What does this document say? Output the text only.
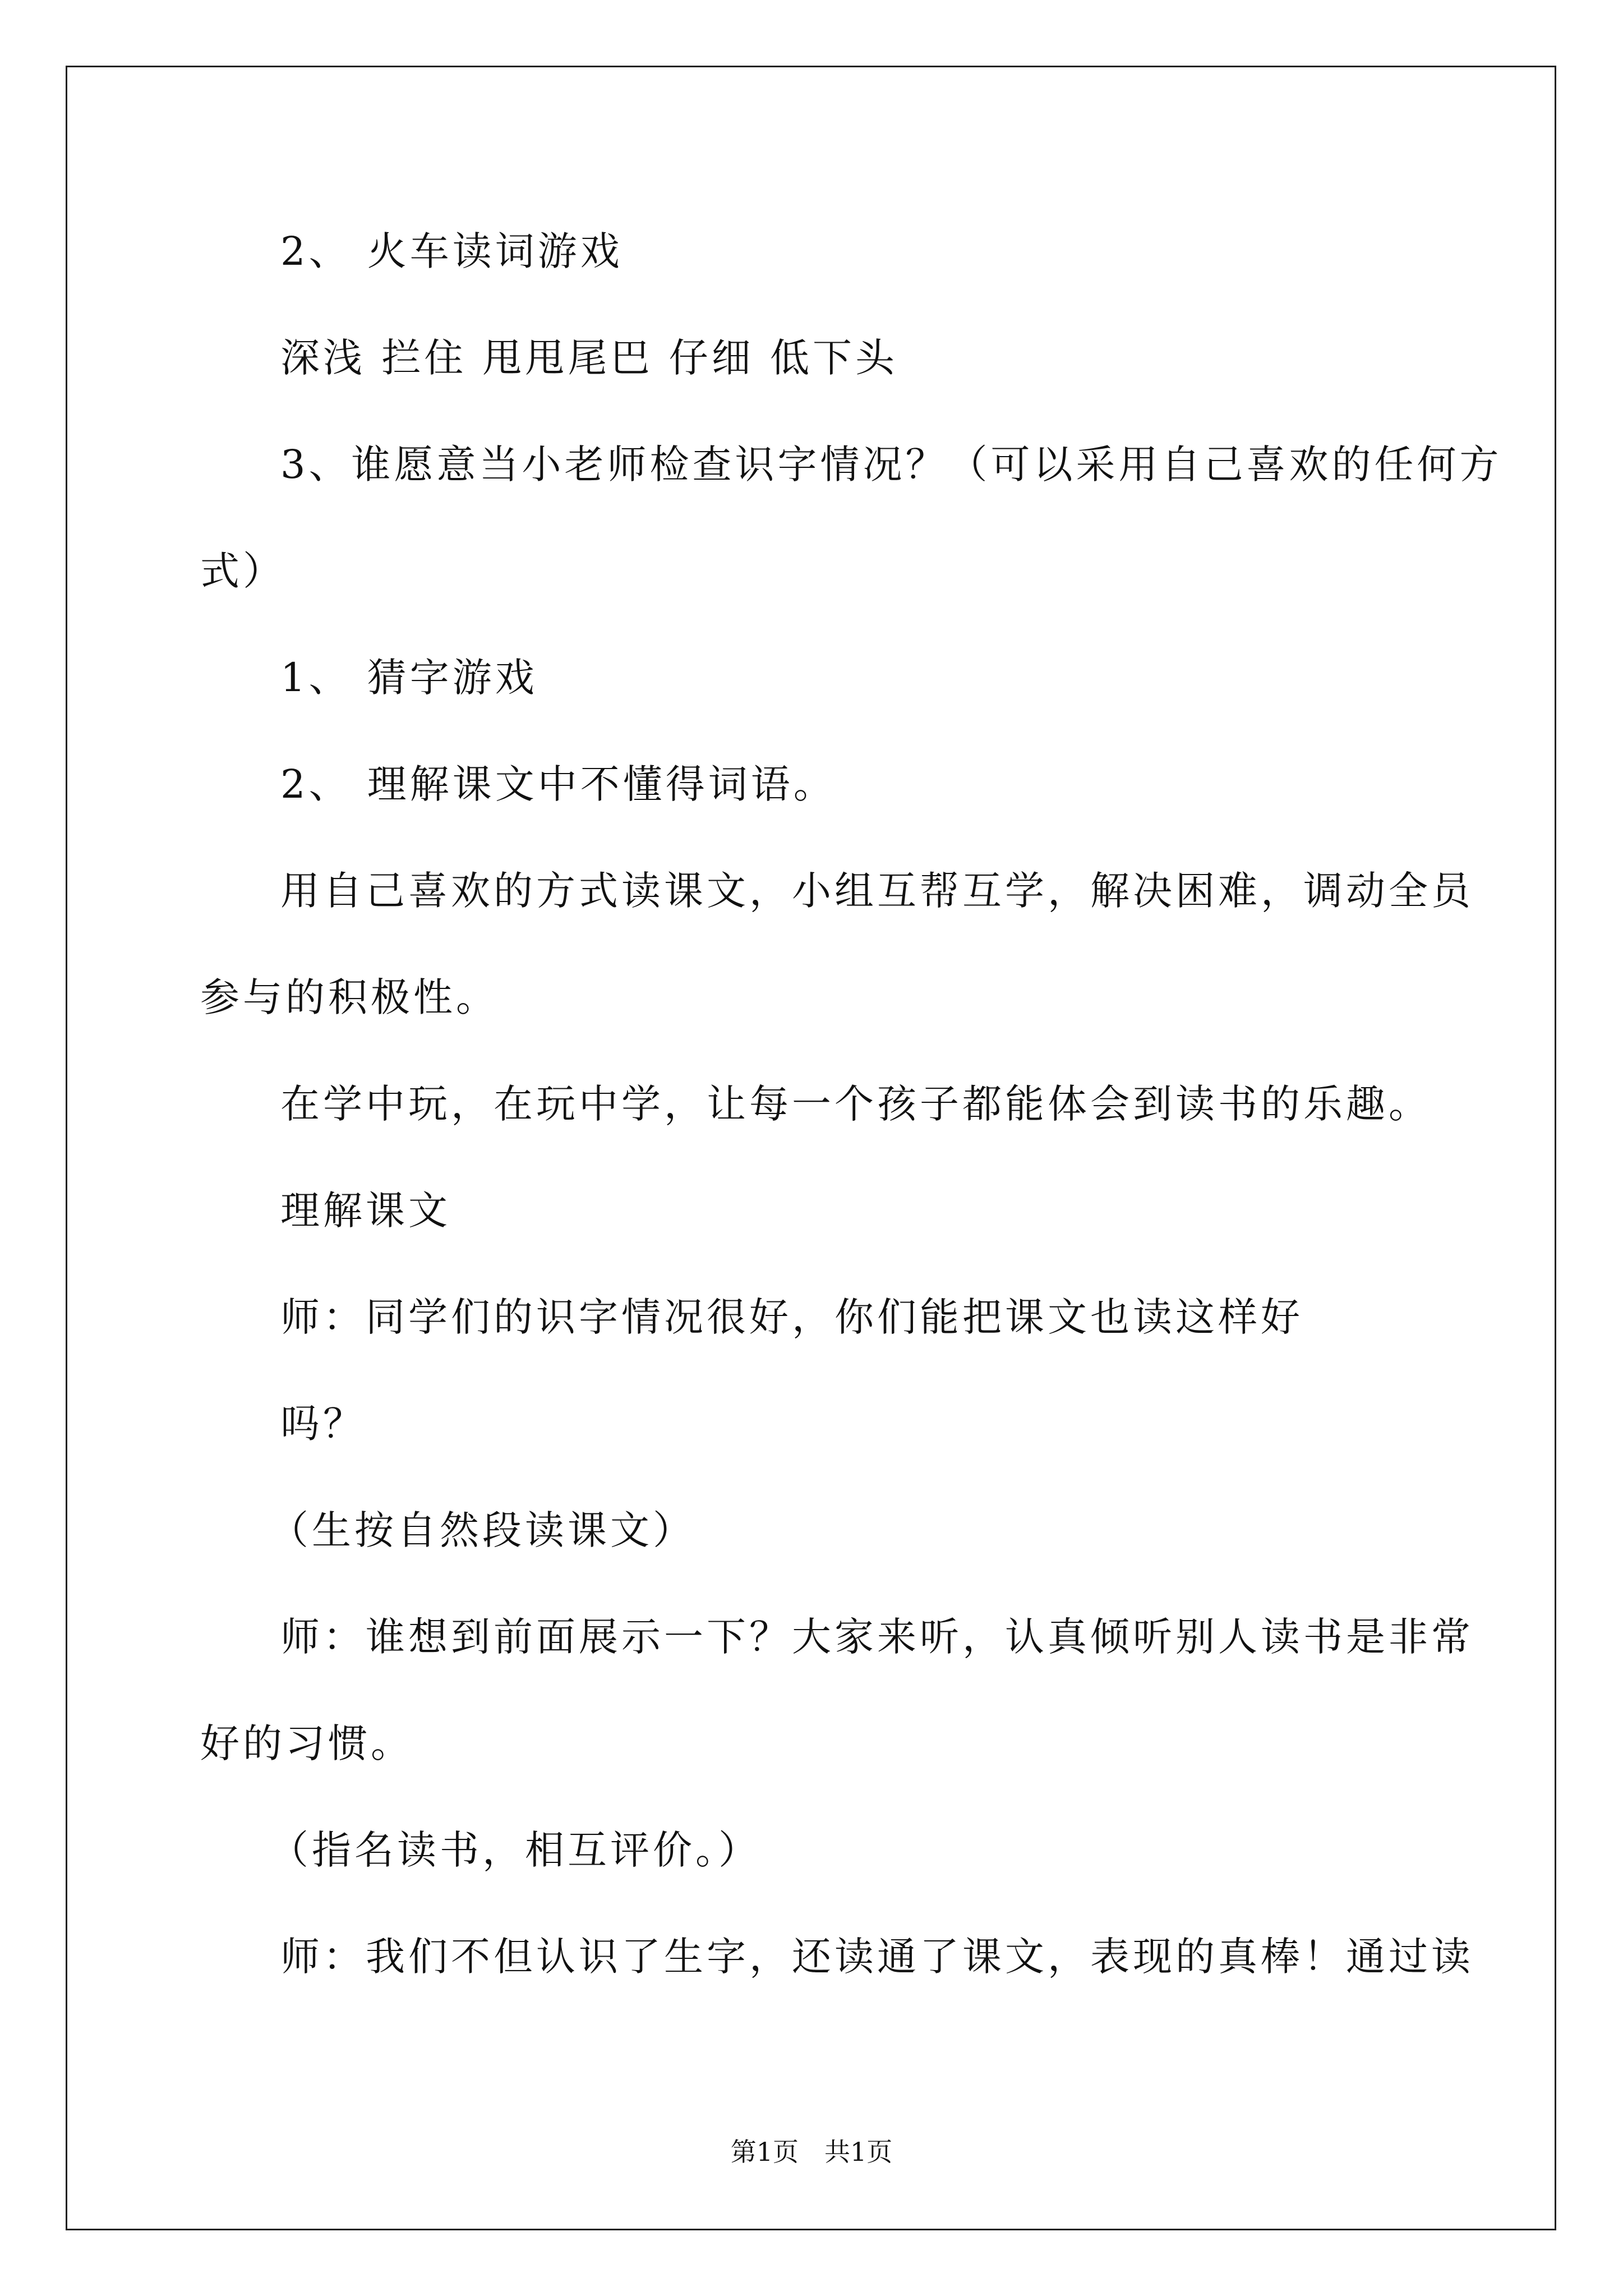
2、 火车读词游戏
深浅 拦住 甩甩尾巴 仔细 低下头
3、谁愿意当小老师检查识字情况？（可以采用自己喜欢的任何方
式）
1、 猜字游戏
2、 理解课文中不懂得词语。
用自己喜欢的方式读课文，小组互帮互学，解决困难，调动全员
参与的积极性。
在学中玩，在玩中学，让每一个孩子都能体会到读书的乐趣。
理解课文
师：同学们的识字情况很好，你们能把课文也读这样好
吗？
（生按自然段读课文）
师：谁想到前面展示一下？大家来听，认真倾听别人读书是非常
好的习惯。
（指名读书，相互评价。）
师：我们不但认识了生字，还读通了课文，表现的真棒！通过读
第1页　共1页
